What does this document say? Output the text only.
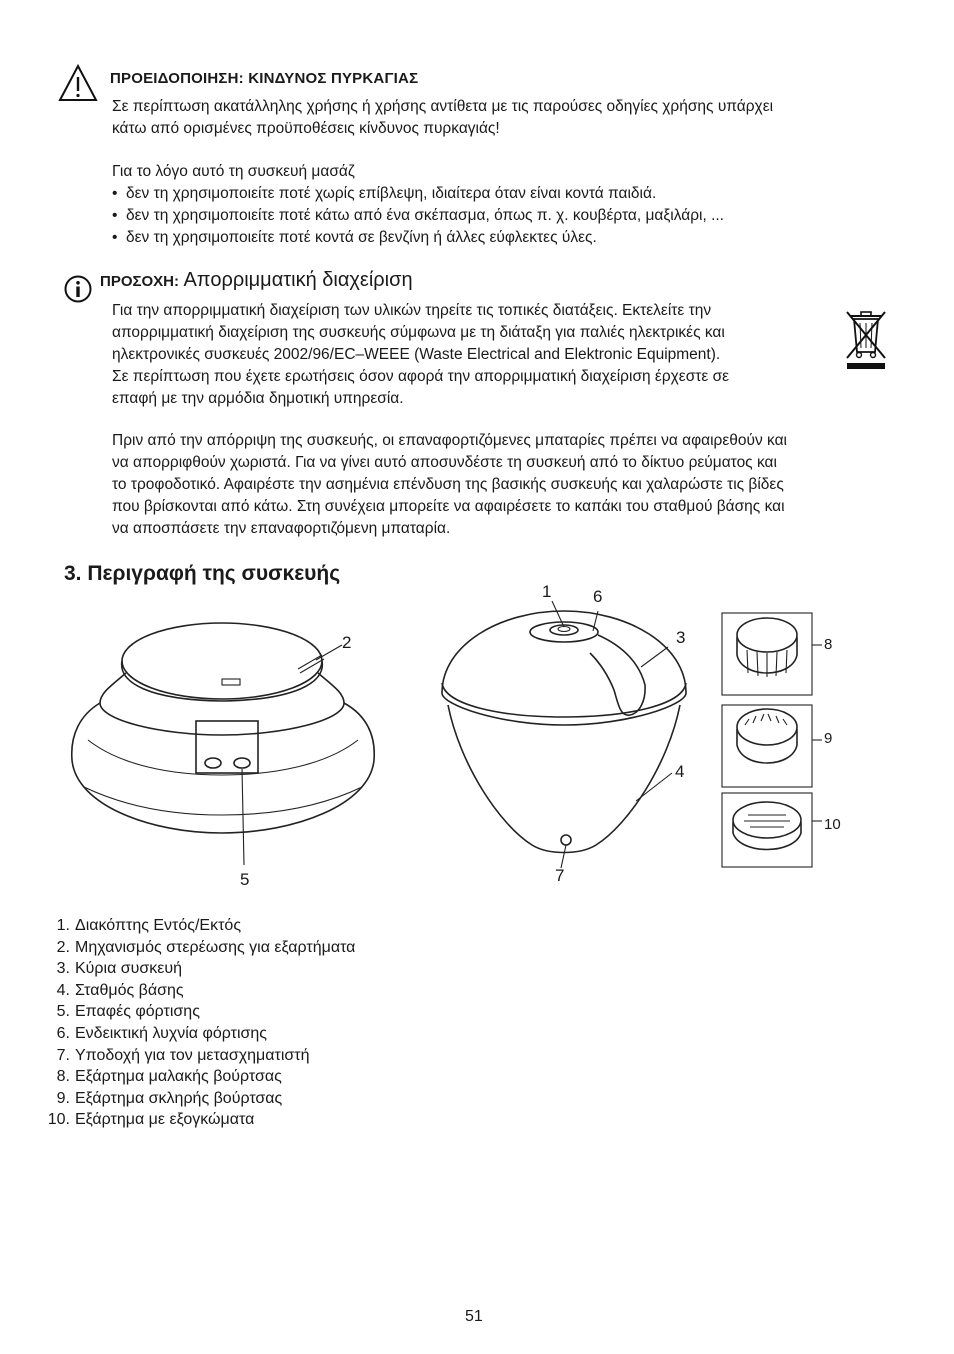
ΠΡΟΕΙΔΟΠΟΙΗΣΗ: ΚΙΝΔΥΝΟΣ ΠΥΡΚΑΓΙΑΣ

Σε περίπτωση ακατάλληλης χρήσης ή χρήσης αντίθετα με τις παρούσες οδηγίες χρήσης υπάρχει

κάτω από ορισμένες προϋποθέσεις κίνδυνος πυρκαγιάς!

Για το λόγο αυτό τη συσκευή μασάζ

• δεν τη χρησιμοποιείτε ποτέ χωρίς επίβλεψη, ιδιαίτερα όταν είναι κοντά παιδιά.
• δεν τη χρησιμοποιείτε ποτέ κάτω από ένα σκέπασμα, όπως π. χ. κουβέρτα, μαξιλάρι, ...
• δεν τη χρησιμοποιείτε ποτέ κοντά σε βενζίνη ή άλλες εύφλεκτες ύλες.
ΠΡΟΣΟΧΗ: Απορριμματική διαχείριση

Για την απορριμματική διαχείριση των υλικών τηρείτε τις τοπικές διατάξεις. Εκτελείτε την

απορριμματική διαχείριση της συσκευής σύμφωνα με τη διάταξη για παλιές ηλεκτρικές και

ηλεκτρονικές συσκευές 2002/96/EC–WEEE (Waste Electrical and Elektronic Equipment).

Σε περίπτωση που έχετε ερωτήσεις όσον αφορά την απορριμματική διαχείριση έρχεστε σε

επαφή με την αρμόδια δημοτική υπηρεσία.

Πριν από την απόρριψη της συσκευής, οι επαναφορτιζόμενες μπαταρίες πρέπει να αφαιρεθούν και

να απορριφθούν χωριστά. Για να γίνει αυτό αποσυνδέστε τη συσκευή από το δίκτυο ρεύματος και

το τροφοδοτικό. Αφαιρέστε την ασημένια επένδυση της βασικής συσκευής και χαλαρώστε τις βίδες

που βρίσκονται από κάτω. Στη συνέχεια μπορείτε να αφαιρέσετε το καπάκι του σταθμού βάσης και

να αποσπάσετε την επαναφορτιζόμενη μπαταρία.

3. Περιγραφή της συσκευής
1 6
2	3
4
5	7
8
9
10
1. Διακόπτης Εντός/Εκτός
2. Μηχανισμός στερέωσης για εξαρτήματα
3. Κύρια συσκευή
4. Σταθμός βάσης
5. Επαφές φόρτισης
6. Ενδεικτική λυχνία φόρτισης
7. Υποδοχή για τον μετασχηματιστή
8. Εξάρτημα μαλακής βούρτσας
9. Εξάρτημα σκληρής βούρτσας
10. Εξάρτημα με εξογκώματα
51
